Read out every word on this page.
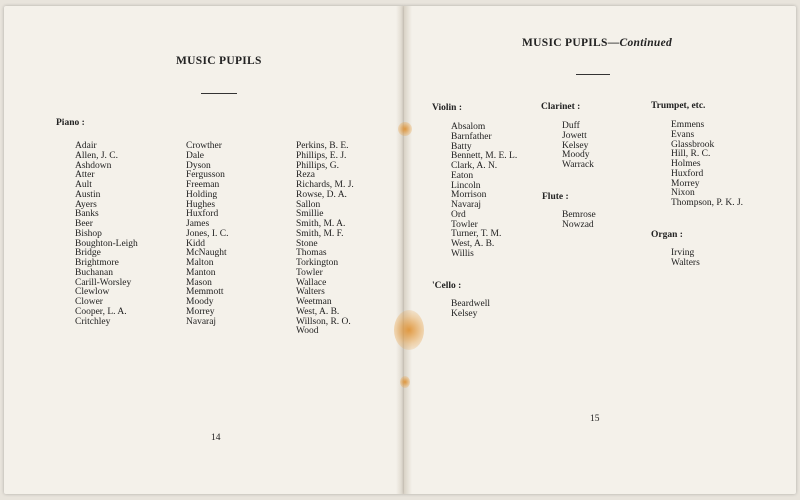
MUSIC PUPILS
Piano :
Adair
Allen, J. C.
Ashdown
Atter
Ault
Austin
Ayers
Banks
Beer
Bishop
Boughton-Leigh
Bridge
Brightmore
Buchanan
Carill-Worsley
Clewlow
Clower
Cooper, L. A.
Critchley
Crowther
Dale
Dyson
Fergusson
Freeman
Holding
Hughes
Huxford
James
Jones, I. C.
Kidd
McNaught
Malton
Manton
Mason
Memmott
Moody
Morrey
Navaraj
Perkins, B. E.
Phillips, E. J.
Phillips, G.
Reza
Richards, M. J.
Rowse, D. A.
Sallon
Smillie
Smith, M. A.
Smith, M. F.
Stone
Thomas
Torkington
Towler
Wallace
Walters
Weetman
West, A. B.
Willson, R. O.
Wood
14
MUSIC PUPILS—Continued
Violin :
Absalom
Barnfather
Batty
Bennett, M. E. L.
Clark, A. N.
Eaton
Lincoln
Morrison
Navaraj
Ord
Towler
Turner, T. M.
West, A. B.
Willis
'Cello :
Beardwell
Kelsey
Clarinet :
Duff
Jowett
Kelsey
Moody
Warrack
Flute :
Bemrose
Nowzad
Trumpet, etc.
Emmens
Evans
Glassbrook
Hill, R. C.
Holmes
Huxford
Morrey
Nixon
Thompson, P. K. J.
Organ :
Irving
Walters
15
